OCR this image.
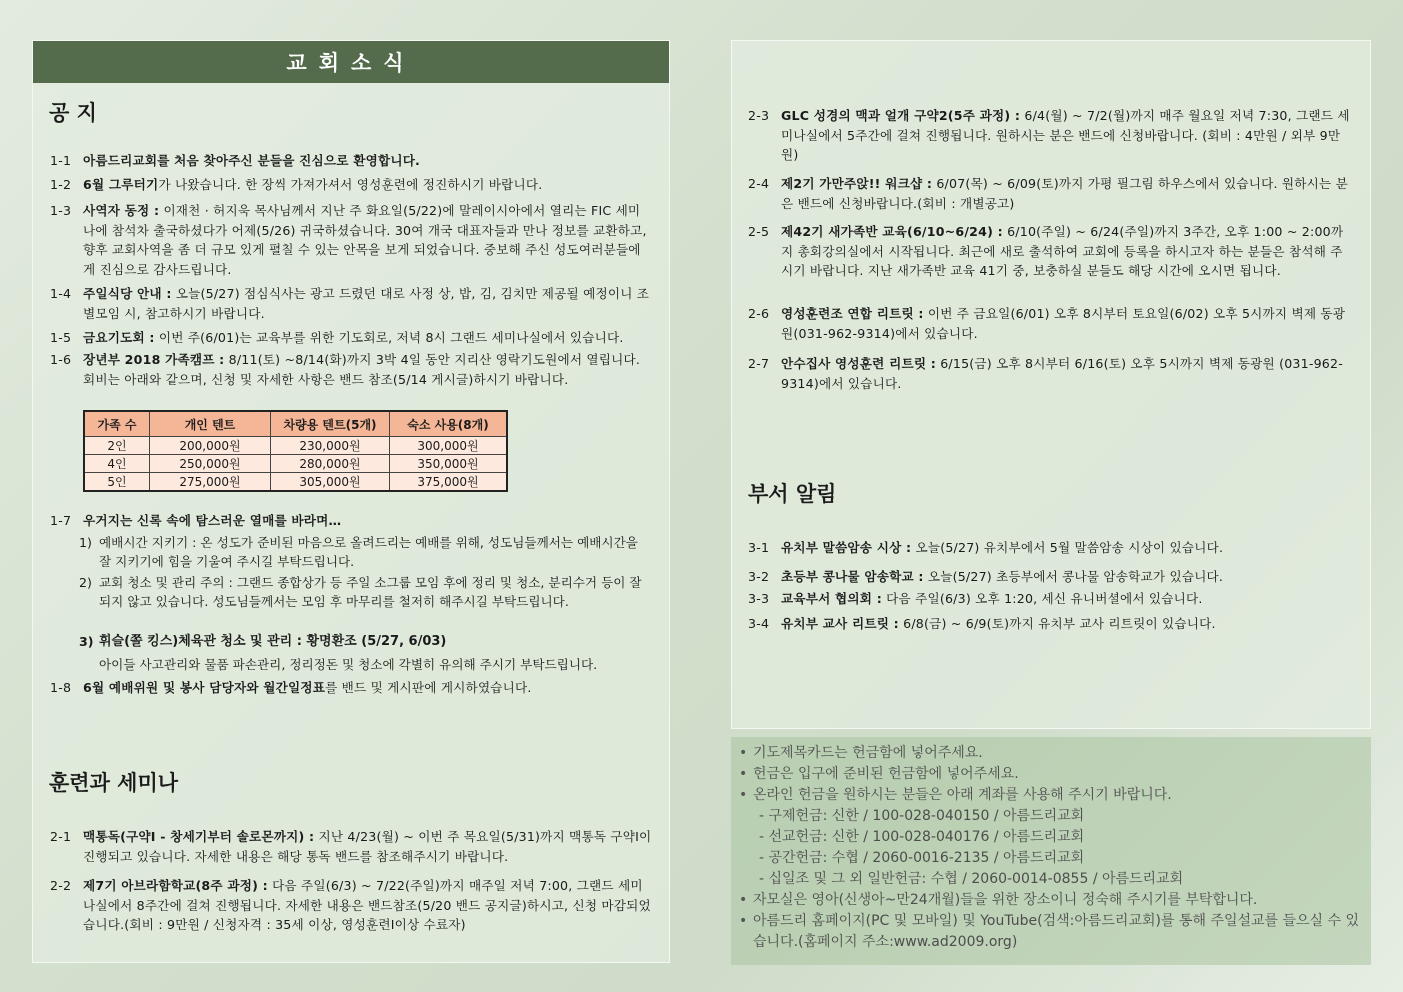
교회소식
공 지
1-1 아름드리교회를 처음 찾아주신 분들을 진심으로 환영합니다.
1-2 6월 그루터기가 나왔습니다. 한 장씩 가져가셔서 영성훈련에 정진하시기 바랍니다.
1-3 사역자 동정 : 이재천 · 허지욱 목사님께서 지난 주 화요일(5/22)에 말레이시아에서 열리는 FIC 세미나에 참석차 출국하셨다가 어제(5/26) 귀국하셨습니다. 30여 개국 대표자들과 만나 정보를 교환하고, 향후 교회사역을 좀 더 규모 있게 펼칠 수 있는 안목을 보게 되었습니다. 중보해 주신 성도여러분들에게 진심으로 감사드립니다.
1-4 주일식당 안내 : 오늘(5/27) 점심식사는 광고 드렸던 대로 사정 상, 밥, 김, 김치만 제공될 예정이니 조별모임 시, 참고하시기 바랍니다.
1-5 금요기도회 : 이번 주(6/01)는 교육부를 위한 기도회로, 저녁 8시 그랜드 세미나실에서 있습니다.
1-6 장년부 2018 가족캠프 : 8/11(토) ~8/14(화)까지 3박 4일 동안 지리산 영락기도원에서 열립니다. 회비는 아래와 같으며, 신청 및 자세한 사항은 밴드 참조(5/14 게시글)하시기 바랍니다.
가족 수	개인 텐트	차량용 텐트(5개)	숙소 사용(8개)
2인	200,000원	230,000원	300,000원
4인	250,000원	280,000원	350,000원
5인	275,000원	305,000원	375,000원
1-7 우거지는 신록 속에 탐스러운 열매를 바라며…
1) 예배시간 지키기 : 온 성도가 준비된 마음으로 올려드리는 예배를 위해, 성도님들께서는 예배시간을 잘 지키기에 힘을 기울여 주시길 부탁드립니다.
2) 교회 청소 및 관리 주의 : 그랜드 종합상가 등 주일 소그룹 모임 후에 정리 및 청소, 분리수거 등이 잘 되지 않고 있습니다. 성도님들께서는 모임 후 마무리를 철저히 해주시길 부탁드립니다.
3) 휘슬(쫄 킹스)체육관 청소 및 관리 : 황명환조 (5/27, 6/03)
아이들 사고관리와 물품 파손관리, 정리정돈 및 청소에 각별히 유의해 주시기 부탁드립니다.
1-8 6월 예배위원 및 봉사 담당자와 월간일정표를 밴드 및 게시판에 게시하였습니다.
훈련과 세미나
2-1 맥통독(구약Ⅰ - 창세기부터 솔로몬까지) : 지난 4/23(월) ~ 이번 주 목요일(5/31)까지 맥통독 구약Ⅰ이 진행되고 있습니다. 자세한 내용은 해당 통독 밴드를 참조해주시기 바랍니다.
2-2 제7기 아브라함학교(8주 과정) : 다음 주일(6/3) ~ 7/22(주일)까지 매주일 저녁 7:00, 그랜드 세미나실에서 8주간에 걸쳐 진행됩니다. 자세한 내용은 밴드참조(5/20 밴드 공지글)하시고, 신청 마감되었습니다.(회비 : 9만원 / 신청자격 : 35세 이상, 영성훈련Ⅰ이상 수료자)
2-3 GLC 성경의 맥과 얼개 구약2(5주 과정) : 6/4(월) ~ 7/2(월)까지 매주 월요일 저녁 7:30, 그랜드 세미나실에서 5주간에 걸쳐 진행됩니다. 원하시는 분은 밴드에 신청바랍니다. (회비 : 4만원 / 외부 9만원)
2-4 제2기 가만주앉!! 워크샵 : 6/07(목) ~ 6/09(토)까지 가평 필그림 하우스에서 있습니다. 원하시는 분은 밴드에 신청바랍니다.(회비 : 개별공고)
2-5 제42기 새가족반 교육(6/10~6/24) : 6/10(주일) ~ 6/24(주일)까지 3주간, 오후 1:00 ~ 2:00까지 총회강의실에서 시작됩니다. 최근에 새로 출석하여 교회에 등록을 하시고자 하는 분들은 참석해 주시기 바랍니다. 지난 새가족반 교육 41기 중, 보충하실 분들도 해당 시간에 오시면 됩니다.
2-6 영성훈련조 연합 리트릿 : 이번 주 금요일(6/01) 오후 8시부터 토요일(6/02) 오후 5시까지 벽제 동광원(031-962-9314)에서 있습니다.
2-7 안수집사 영성훈련 리트릿 : 6/15(금) 오후 8시부터 6/16(토) 오후 5시까지 벽제 동광원 (031-962-9314)에서 있습니다.
부서 알림
3-1 유치부 말씀암송 시상 : 오늘(5/27) 유치부에서 5월 말씀암송 시상이 있습니다.
3-2 초등부 콩나물 암송학교 : 오늘(5/27) 초등부에서 콩나물 암송학교가 있습니다.
3-3 교육부서 협의회 : 다음 주일(6/3) 오후 1:20, 세신 유니버셜에서 있습니다.
3-4 유치부 교사 리트릿 : 6/8(금) ~ 6/9(토)까지 유치부 교사 리트릿이 있습니다.
• 기도제목카드는 헌금함에 넣어주세요.
• 헌금은 입구에 준비된 헌금함에 넣어주세요.
• 온라인 헌금을 원하시는 분들은 아래 계좌를 사용해 주시기 바랍니다.
- 구제헌금: 신한 / 100-028-040150 / 아름드리교회
- 선교헌금: 신한 / 100-028-040176 / 아름드리교회
- 공간헌금: 수협 / 2060-0016-2135 / 아름드리교회
- 십일조 및 그 외 일반헌금: 수협 / 2060-0014-0855 / 아름드리교회
• 자모실은 영아(신생아~만24개월)들을 위한 장소이니 정숙해 주시기를 부탁합니다.
• 아름드리 홈페이지(PC 및 모바일) 및 YouTube(검색:아름드리교회)를 통해 주일설교를 들으실 수 있습니다.(홈페이지 주소:www.ad2009.org)
